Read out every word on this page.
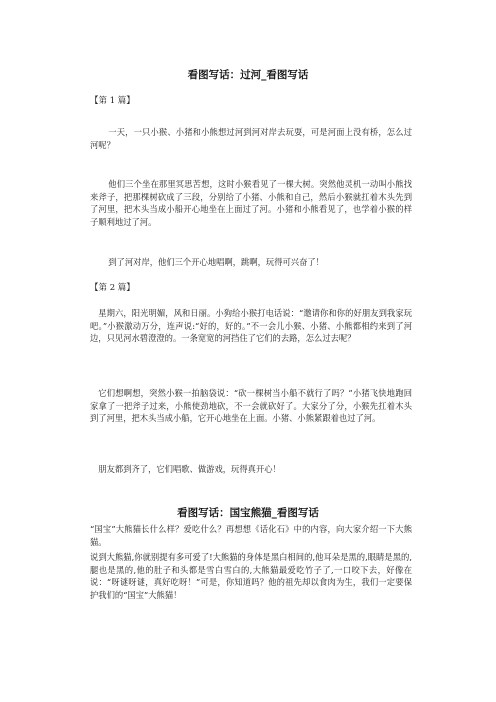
看图写话：过河_看图写话
【第 1 篇】
一天，一只小猴、小猪和小熊想过河到河对岸去玩耍，可是河面上没有桥，怎么过河呢？
他们三个坐在那里冥思苦想，这时小猴看见了一棵大树。突然他灵机一动叫小熊找来斧子，把那棵树砍成了三段，分别给了小猪、小熊和自己，然后小猴就扛着木头先到了河里，把木头当成小船开心地坐在上面过了河。小猪和小熊看见了，也学着小猴的样子顺利地过了河。
到了河对岸，他们三个开心地唱啊，跳啊，玩得可兴奋了！
【第 2 篇】
星期六，阳光明媚，风和日丽。小狗给小猴打电话说：“邀请你和你的好朋友到我家玩吧。”小猴激动万分，连声说:“好的，好的。”不一会儿小猴、小猪、小熊都相约来到了河边，只见河水碧澄澄的。一条宽宽的河挡住了它们的去路，怎么过去呢？
它们想啊想，突然小猴一拍脑袋说：“砍一棵树当小船不就行了吗？”小猪飞快地跑回家拿了一把斧子过来，小熊使劲地砍，不一会就砍好了。大家分了分，小猴先扛着木头到了河里，把木头当成小船，它开心地坐在上面。小猪、小熊紧跟着也过了河。
朋友都到齐了，它们唱歌、做游戏，玩得真开心！
看图写话：国宝熊猫_看图写话
“国宝”大熊猫长什么样？爱吃什么？再想想《话化石》中的内容，向大家介绍一下大熊猫。
说到大熊猫,你就别提有多可爱了!大熊猫的身体是黑白相间的,他耳朵是黑的,眼睛是黑的,腿也是黑的,他的肚子和头都是雪白雪白的,大熊猫最爱吃竹子了,一口咬下去，好像在说：“呀谜呀谜，真好吃呀！”可是，你知道吗？他的祖先却以食肉为生，我们一定要保护我们的“国宝”大熊猫！
